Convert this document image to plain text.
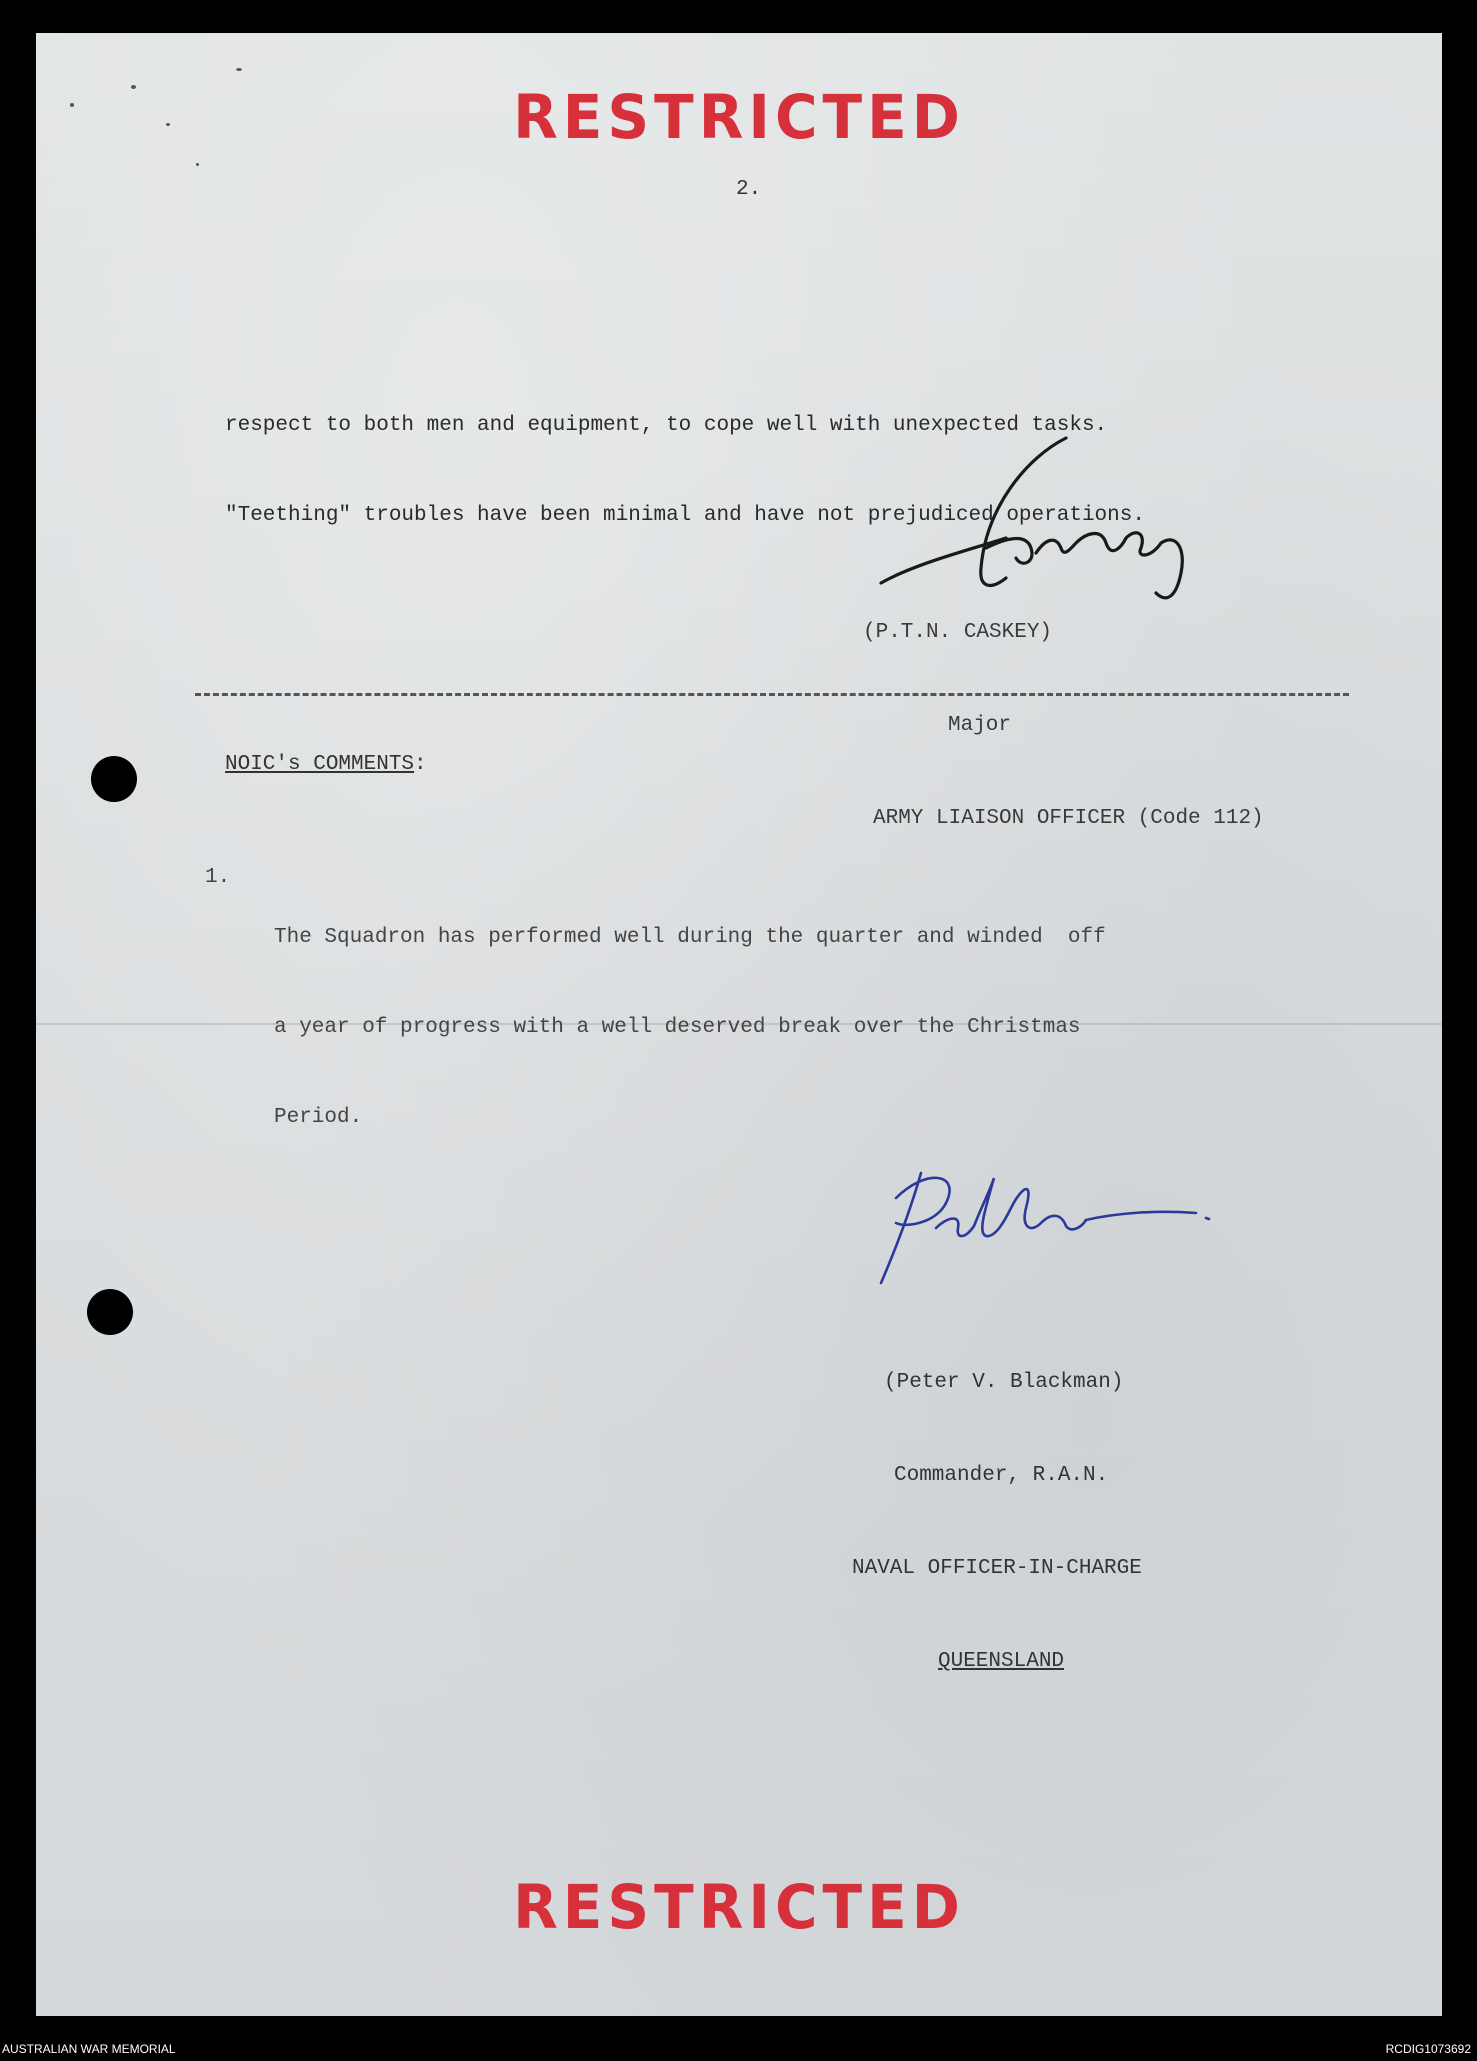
RESTRICTED
2.

respect to both men and equipment, to cope well with unexpected tasks.

"Teething" troubles have been minimal and have not prejudiced operations.

(P.T.N. CASKEY)

Major

ARMY LIAISON OFFICER (Code 112)

NOIC's COMMENTS:
1.

The Squadron has performed well during the quarter and winded  off

a year of progress with a well deserved break over the Christmas

Period.

(Peter V. Blackman)

Commander, R.A.N.

NAVAL OFFICER-IN-CHARGE

QUEENSLAND

RESTRICTED
AUSTRALIAN WAR MEMORIAL	RCDIG1073692
